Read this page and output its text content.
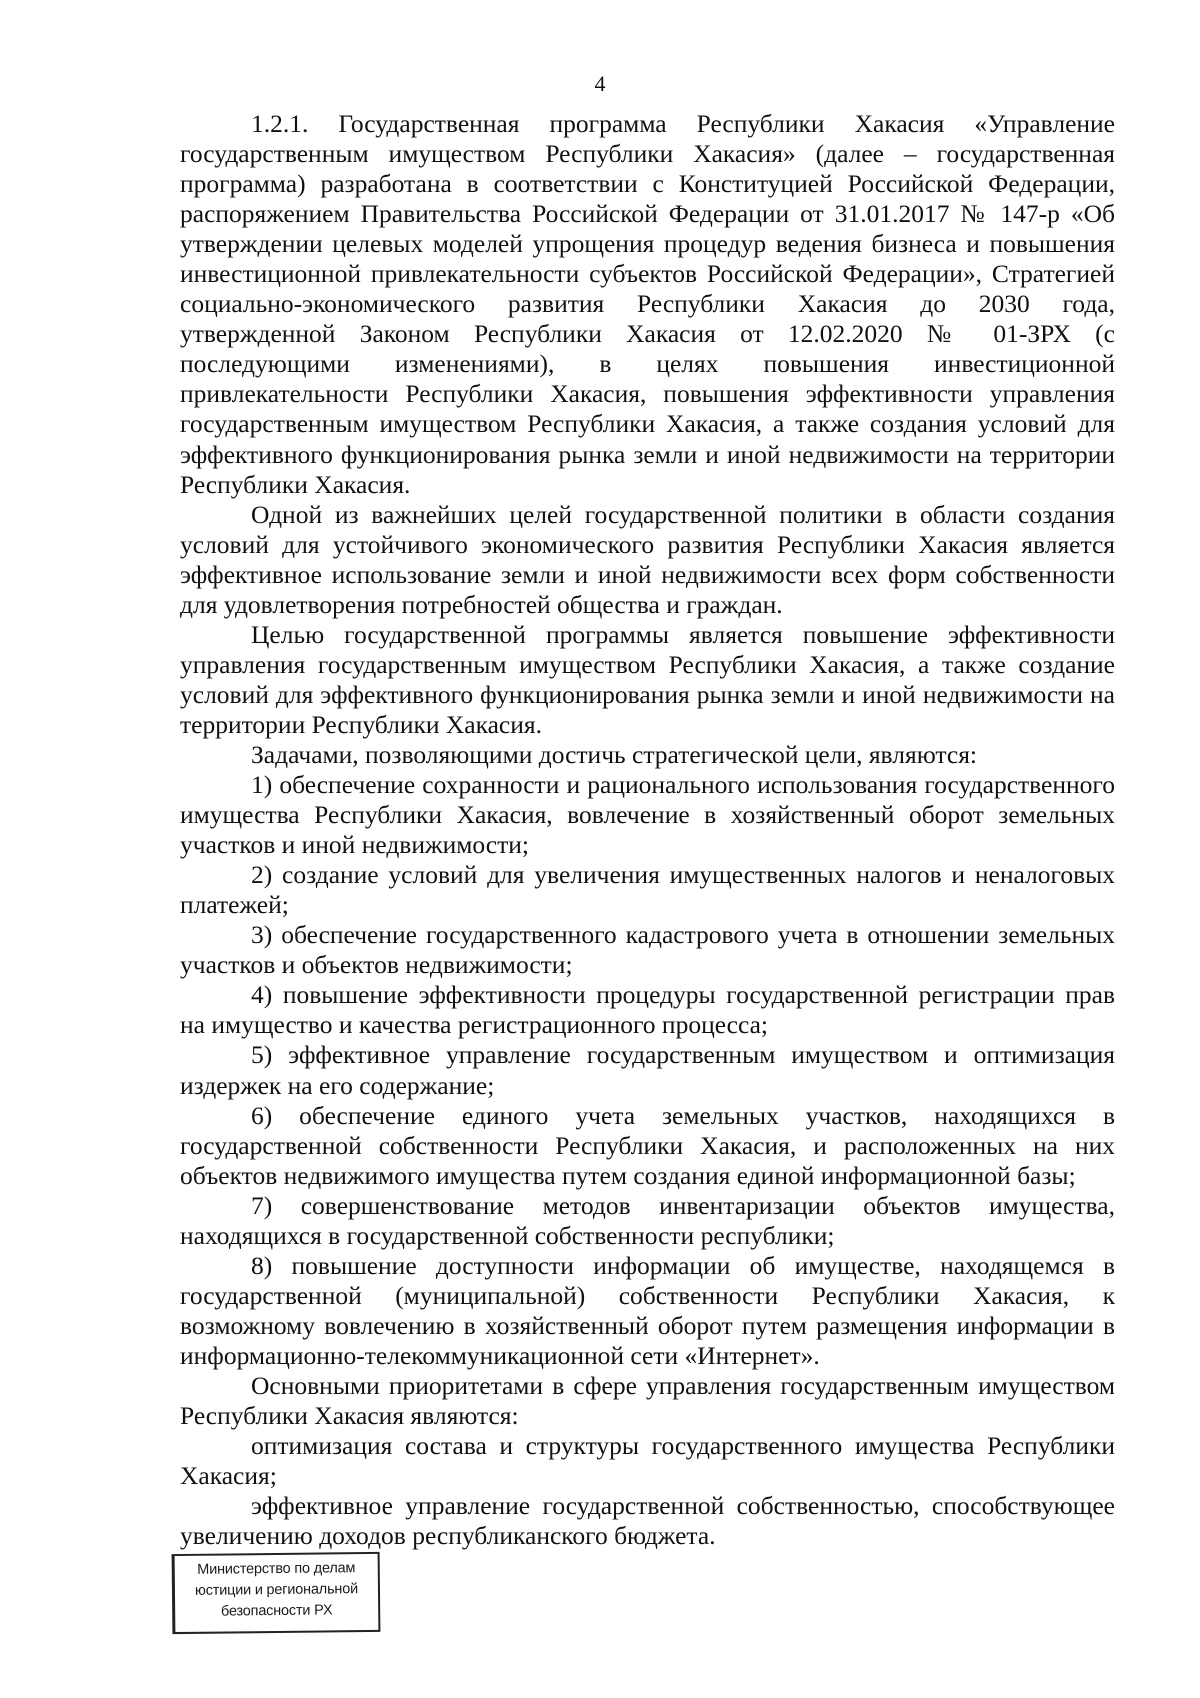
4

1.2.1. Государственная программа Республики Хакасия «Управление государственным имуществом Республики Хакасия» (далее – государственная программа) разработана в соответствии с Конституцией Российской Федерации, распоряжением Правительства Российской Федерации от 31.01.2017 № 147-р «Об утверждении целевых моделей упрощения процедур ведения бизнеса и повышения инвестиционной привлекательности субъектов Российской Федерации», Стратегией социально-экономического развития Республики Хакасия до 2030 года, утвержденной Законом Республики Хакасия от 12.02.2020 № 01-ЗРХ (с последующими изменениями), в целях повышения инвестиционной привлекательности Республики Хакасия, повышения эффективности управления государственным имуществом Республики Хакасия, а также создания условий для эффективного функционирования рынка земли и иной недвижимости на территории Республики Хакасия.

Одной из важнейших целей государственной политики в области создания условий для устойчивого экономического развития Республики Хакасия является эффективное использование земли и иной недвижимости всех форм собственности для удовлетворения потребностей общества и граждан.

Целью государственной программы является повышение эффективности управления государственным имуществом Республики Хакасия, а также создание условий для эффективного функционирования рынка земли и иной недвижимости на территории Республики Хакасия.

Задачами, позволяющими достичь стратегической цели, являются:

1) обеспечение сохранности и рационального использования государственного имущества Республики Хакасия, вовлечение в хозяйственный оборот земельных участков и иной недвижимости;

2) создание условий для увеличения имущественных налогов и неналоговых платежей;

3) обеспечение государственного кадастрового учета в отношении земельных участков и объектов недвижимости;

4) повышение эффективности процедуры государственной регистрации прав на имущество и качества регистрационного процесса;

5) эффективное управление государственным имуществом и оптимизация издержек на его содержание;

6) обеспечение единого учета земельных участков, находящихся в государственной собственности Республики Хакасия, и расположенных на них объектов недвижимого имущества путем создания единой информационной базы;

7) совершенствование методов инвентаризации объектов имущества, находящихся в государственной собственности республики;

8) повышение доступности информации об имуществе, находящемся в государственной (муниципальной) собственности Республики Хакасия, к возможному вовлечению в хозяйственный оборот путем размещения информации в информационно-телекоммуникационной сети «Интернет».

Основными приоритетами в сфере управления государственным имуществом Республики Хакасия являются:

оптимизация состава и структуры государственного имущества Республики Хакасия;

эффективное управление государственной собственностью, способствующее увеличению доходов республиканского бюджета.

Министерство по делам
юстиции и региональной
безопасности РХ
